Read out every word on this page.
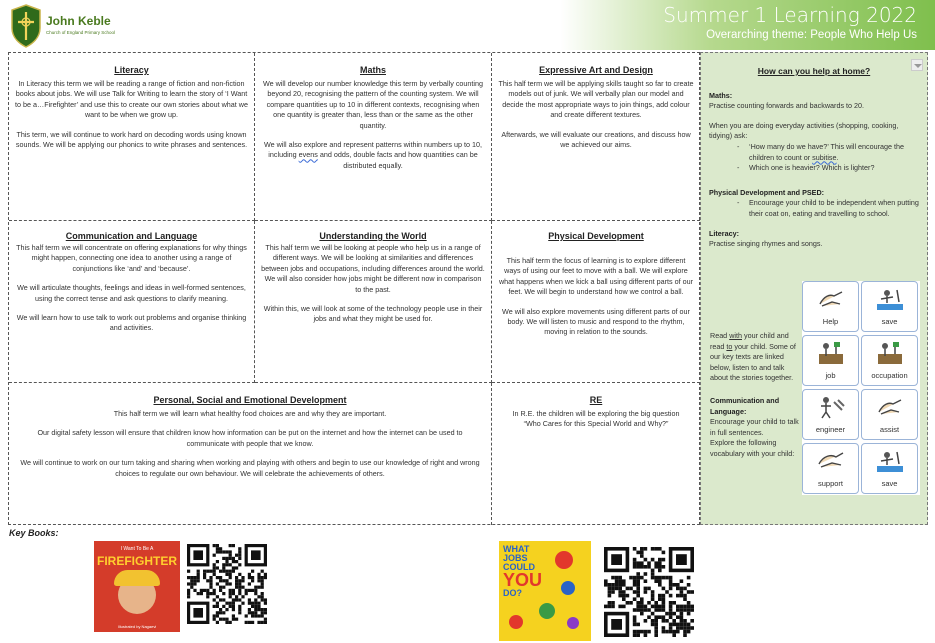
John Keble
Church of England Primary School
Summer 1 Learning 2022
Overarching theme: People Who Help Us
Literacy

In Literacy this term we will be reading a range of fiction and non-fiction books about jobs. We will use Talk for Writing to learn the story of ‘I Want to be a…Firefighter’ and use this to create our own stories about what we want to be when we grow up.

This term, we will continue to work hard on decoding words using known sounds. We will be applying our phonics to write phrases and sentences.

Maths

We will develop our number knowledge this term by verbally counting beyond 20, recognising the pattern of the counting system. We will compare quantities up to 10 in different contexts, recognising when one quantity is greater than, less than or the same as the other quantity.

We will also explore and represent patterns within numbers up to 10, including evens and odds, double facts and how quantities can be distributed equally.

Expressive Art and Design

This half term we will be applying skills taught so far to create models out of junk. We will verbally plan our model and decide the most appropriate ways to join things, add colour and create different textures.

Afterwards, we will evaluate our creations, and discuss how we achieved our aims.

Communication and Language

This half term we will concentrate on offering explanations for why things might happen, connecting one idea to another using a range of conjunctions like ‘and’ and ‘because’.

We will articulate thoughts, feelings and ideas in well-formed sentences, using the correct tense and ask questions to clarify meaning.

We will learn how to use talk to work out problems and organise thinking and activities.

Understanding the World

This half term we will be looking at people who help us in a range of different ways. We will be looking at similarities and differences between jobs and occupations, including differences around the world. We will also consider how jobs might be different now in comparison to the past.

Within this, we will look at some of the technology people use in their jobs and what they might be used for.

Physical Development

This half term the focus of learning is to explore different ways of using our feet to move with a ball. We will explore what happens when we kick a ball using different parts of our feet. We will begin to understand how we control a ball.

We will also explore movements using different parts of our body. We will listen to music and respond to the rhythm, moving in relation to the sounds.

Personal, Social and Emotional Development

This half term we will learn what healthy food choices are and why they are important.

Our digital safety lesson will ensure that children know how information can be put on the internet and how the internet can be used to communicate with people that we know.

We will continue to work on our turn taking and sharing when working and playing with others and begin to use our knowledge of right and wrong choices to regulate our own behaviour. We will celebrate the achievements of others.

RE

In R.E. the children will be exploring the big question “Who Cares for this Special World and Why?”

How can you help at home?
Maths:
Practise counting forwards and backwards to 20.
When you are doing everyday activities (shopping, cooking, tidying) ask:
- ‘How many do we have?’ This will encourage the children to count or subitise.
- Which one is heavier? Which is lighter?
Physical Development and PSED:
- Encourage your child to be independent when putting their coat on, eating and travelling to school.
Literacy:
Practise singing rhymes and songs.
Read with your child and read to your child. Some of our key texts are linked below, listen to and talk about the stories together.
Communication and Language:
Encourage your child to talk in full sentences.
Explore the following vocabulary with your child:
Help	save
job	occupation
engineer	assist
support	save
Key Books:
I Want To Be A
FIREFIGHTER
Illustrated by Nagaevi
WHAT
JOBS
COULD
YOU
DO?
